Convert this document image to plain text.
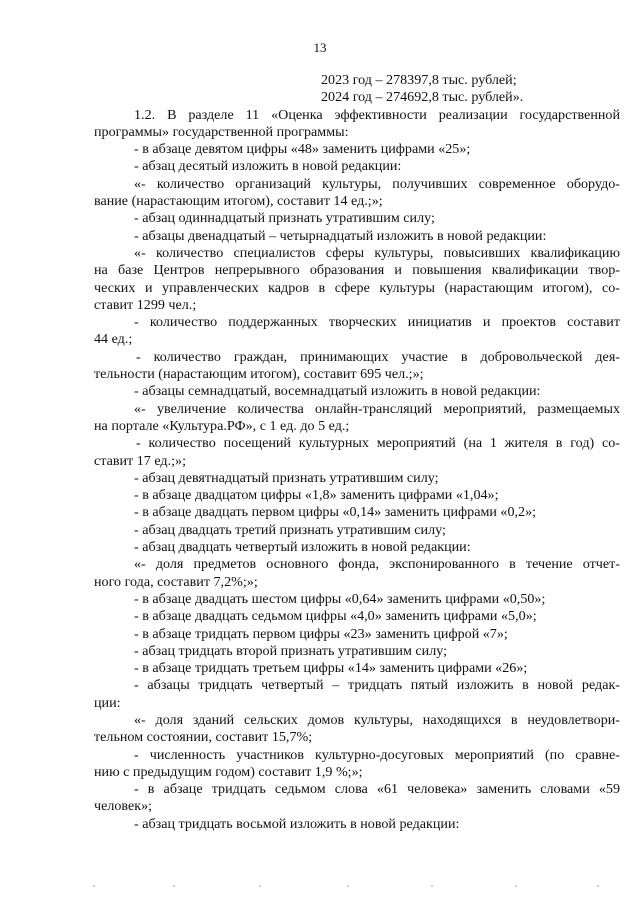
13
2023 год – 278397,8 тыс. рублей;
2024 год – 274692,8 тыс. рублей».
1.2. В разделе 11 «Оценка эффективности реализации государственной
программы» государственной программы:
- в абзаце девятом цифры «48» заменить цифрами «25»;
- абзац десятый изложить в новой редакции:
«- количество организаций культуры, получивших современное оборудо-
вание (нарастающим итогом), составит 14 ед.;»;
- абзац одиннадцатый признать утратившим силу;
- абзацы двенадцатый – четырнадцатый изложить в новой редакции:
«- количество специалистов сферы культуры, повысивших квалификацию
на базе Центров непрерывного образования и повышения квалификации твор-
ческих и управленческих кадров в сфере культуры (нарастающим итогом), со-
ставит 1299 чел.;
- количество поддержанных творческих инициатив и проектов составит
44 ед.;
- количество граждан, принимающих участие в добровольческой дея-
тельности (нарастающим итогом), составит 695 чел.;»;
- абзацы семнадцатый, восемнадцатый изложить в новой редакции:
«- увеличение количества онлайн-трансляций мероприятий, размещаемых
на портале «Культура.РФ», с 1 ед. до 5 ед.;
- количество посещений культурных мероприятий (на 1 жителя в год) со-
ставит 17 ед.;»;
- абзац девятнадцатый признать утратившим силу;
- в абзаце двадцатом цифры «1,8» заменить цифрами «1,04»;
- в абзаце двадцать первом цифры «0,14» заменить цифрами «0,2»;
- абзац двадцать третий признать утратившим силу;
- абзац двадцать четвертый изложить в новой редакции:
«- доля предметов основного фонда, экспонированного в течение отчет-
ного года, составит 7,2%;»;
- в абзаце двадцать шестом цифры «0,64» заменить цифрами «0,50»;
- в абзаце двадцать седьмом цифры «4,0» заменить цифрами «5,0»;
- в абзаце тридцать первом цифры «23» заменить цифрой «7»;
- абзац тридцать второй признать утратившим силу;
- в абзаце тридцать третьем цифры «14» заменить цифрами «26»;
- абзацы тридцать четвертый – тридцать пятый изложить в новой редак-
ции:
«- доля зданий сельских домов культуры, находящихся в неудовлетвори-
тельном состоянии, составит 15,7%;
- численность участников культурно-досуговых мероприятий (по сравне-
нию с предыдущим годом) составит 1,9 %;»;
- в абзаце тридцать седьмом слова «61 человека» заменить словами «59
человек»;
- абзац тридцать восьмой изложить в новой редакции:
